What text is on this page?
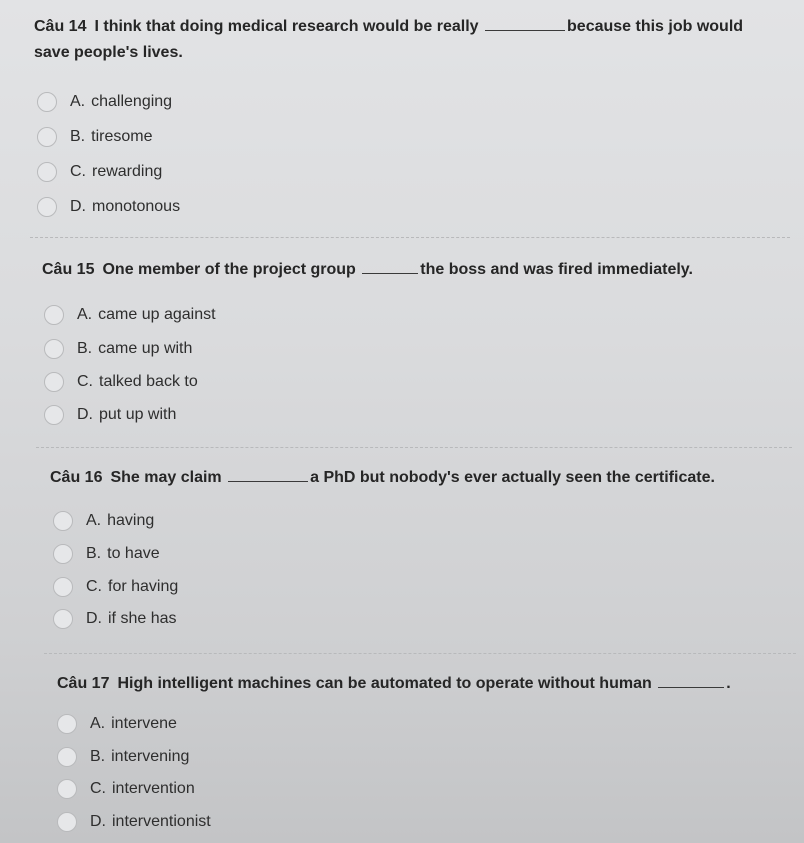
Câu 14 I think that doing medical research would be really	because this job would save people's lives.
A. challenging
B. tiresome
C. rewarding
D. monotonous
Câu 15 One member of the project group	the boss and was fired immediately.
A. came up against
B. came up with
C. talked back to
D. put up with
Câu 16 She may claim	a PhD but nobody's ever actually seen the certificate.
A. having
B. to have
C. for having
D. if she has
Câu 17 High intelligent machines can be automated to operate without human	.
A. intervene
B. intervening
C. intervention
D. interventionist
